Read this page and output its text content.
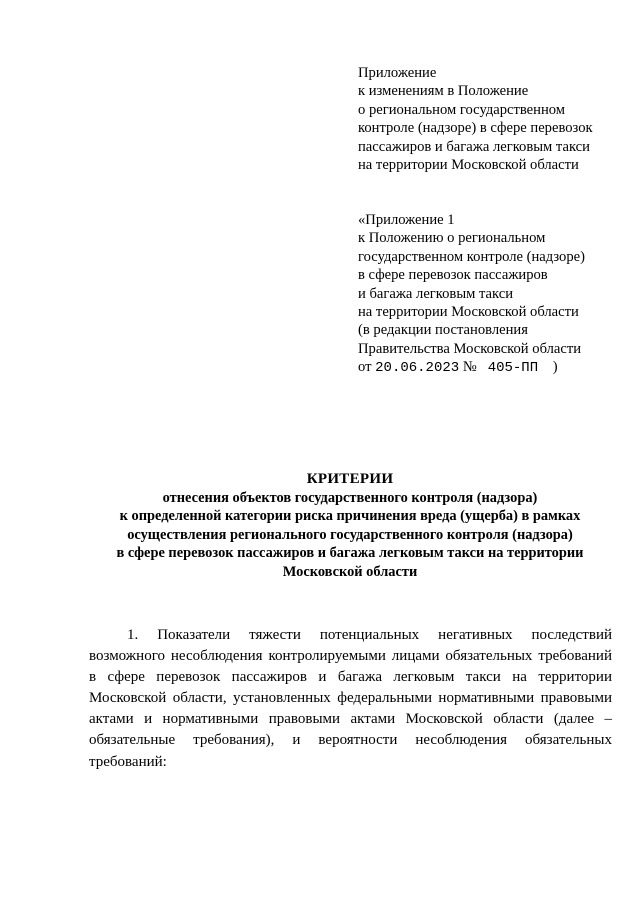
Приложение
к изменениям в Положение
о региональном государственном
контроле (надзоре) в сфере перевозок
пассажиров и багажа легковым такси
на территории Московской области
«Приложение 1
к Положению о региональном
государственном контроле (надзоре)
в сфере перевозок пассажиров
и багажа легковым такси
на территории Московской области
(в редакции постановления
Правительства Московской области
от 20.06.2023 № 405-ПП )
КРИТЕРИИ
отнесения объектов государственного контроля (надзора)
к определенной категории риска причинения вреда (ущерба) в рамках
осуществления регионального государственного контроля (надзора)
в сфере перевозок пассажиров и багажа легковым такси на территории
Московской области

1. Показатели тяжести потенциальных негативных последствий возможного несоблюдения контролируемыми лицами обязательных требований в сфере перевозок пассажиров и багажа легковым такси на территории Московской области, установленных федеральными нормативными правовыми актами и нормативными правовыми актами Московской области (далее – обязательные требования), и вероятности несоблюдения обязательных требований:
